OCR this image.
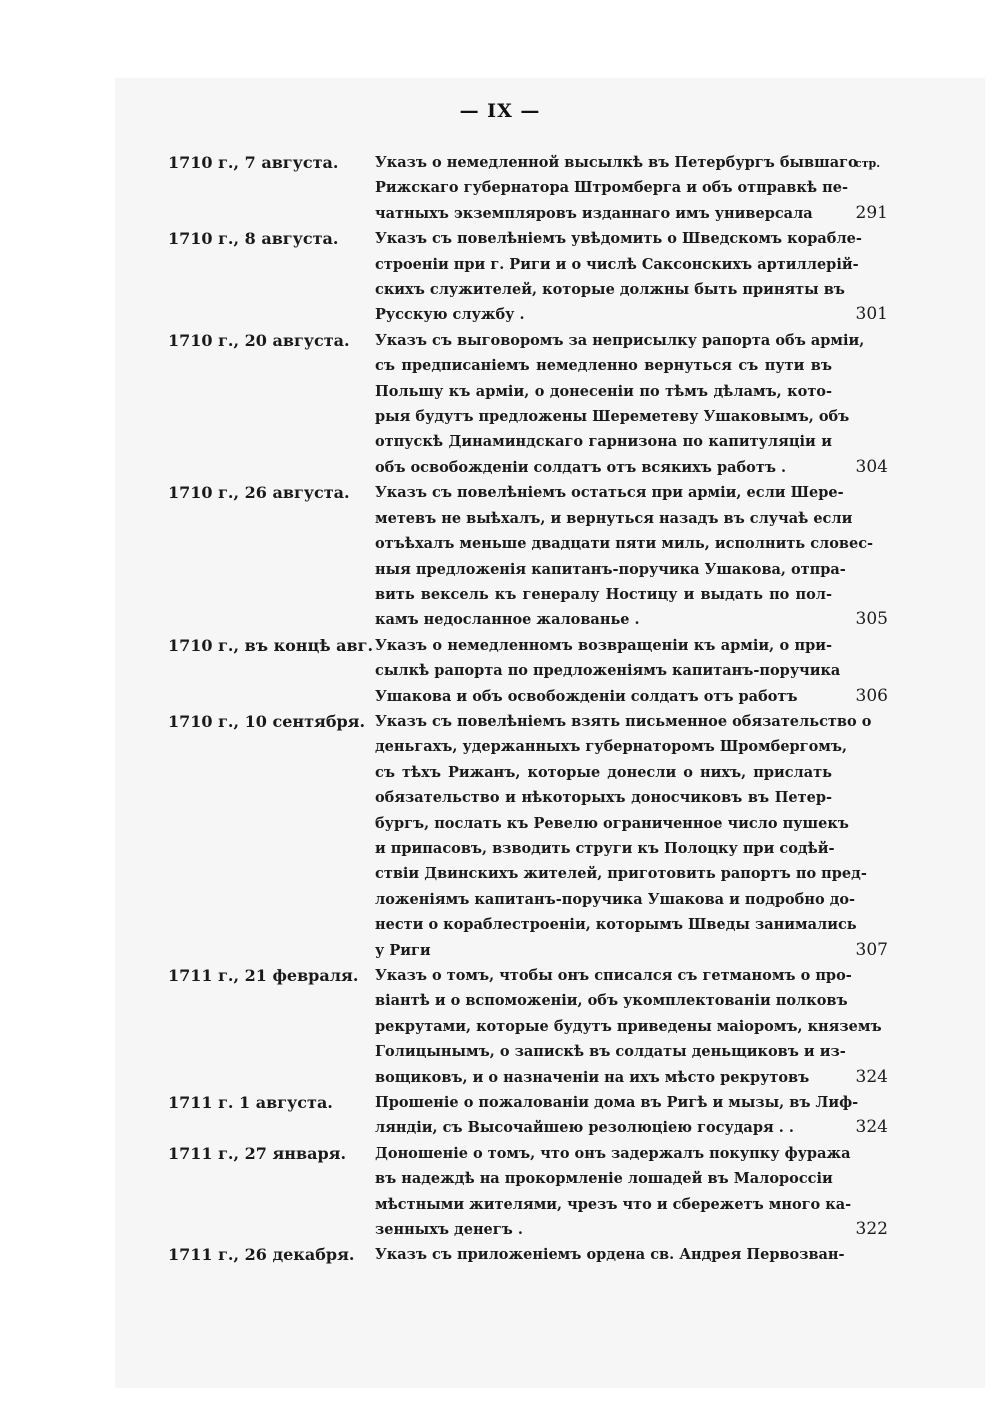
— IX —
стр.
1710 г., 7 августа.	Указъ о немедленной высылкѣ въ Петербургъ бывшаго
Рижскаго губернатора Штромберга и объ отправкѣ пе-
чатныхъ экземпляровъ изданнаго имъ универсала	291
1710 г., 8 августа.	Указъ съ повелѣніемъ увѣдомить о Шведскомъ корабле-
строеніи при г. Риги и о числѣ Саксонскихъ артиллерій-
скихъ служителей, которые должны быть приняты въ
Русскую службу .	301
1710 г., 20 августа.	Указъ съ выговоромъ за неприсылку рапорта объ арміи,
съ предписаніемъ немедленно вернуться съ пути въ
Польшу къ арміи, о донесеніи по тѣмъ дѣламъ, кото-
рыя будутъ предложены Шереметеву Ушаковымъ, объ
отпускѣ Динаминдскаго гарнизона по капитуляціи и
объ освобожденіи солдатъ отъ всякихъ работъ .	304
1710 г., 26 августа.	Указъ съ повелѣніемъ остаться при арміи, если Шере-
метевъ не выѣхалъ, и вернуться назадъ въ случаѣ если
отъѣхалъ меньше двадцати пяти миль, исполнить словес-
ныя предложенія капитанъ-поручика Ушакова, отпра-
вить вексель къ генералу Ностицу и выдать по пол-
камъ недосланное жалованье .	305
1710 г., въ концѣ авг. Указъ о немедленномъ возвращеніи къ арміи, о при-
сылкѣ рапорта по предложеніямъ капитанъ-поручика
Ушакова и объ освобожденіи солдатъ отъ работъ	306
1710 г., 10 сентября. Указъ съ повелѣніемъ взять письменное обязательство о
деньгахъ, удержанныхъ губернаторомъ Шромбергомъ,
съ тѣхъ Рижанъ, которые донесли о нихъ, прислать
обязательство и нѣкоторыхъ доносчиковъ въ Петер-
бургъ, послать къ Ревелю ограниченное число пушекъ
и припасовъ, взводить струги къ Полоцку при содѣй-
ствіи Двинскихъ жителей, приготовить рапортъ по пред-
ложеніямъ капитанъ-поручика Ушакова и подробно до-
нести о кораблестроеніи, которымъ Шведы занимались
у Риги	307
1711 г., 21 февраля.	Указъ о томъ, чтобы онъ списался съ гетманомъ о про-
віантѣ и о вспоможеніи, объ укомплектованіи полковъ
рекрутами, которые будутъ приведены маіоромъ, княземъ
Голицынымъ, о запискѣ въ солдаты деньщиковъ и из-
вощиковъ, и о назначеніи на ихъ мѣсто рекрутовъ	324
1711 г. 1 августа.	Прошеніе о пожалованіи дома въ Ригѣ и мызы, въ Лиф-
ляндіи, съ Высочайшею резолюціею государя . .	324
1711 г., 27 января.	Доношеніе о томъ, что онъ задержалъ покупку фуража
въ надеждѣ на прокормленіе лошадей въ Малороссіи
мѣстными жителями, чрезъ что и сбережетъ много ка-
зенныхъ денегъ .	322
1711 г., 26 декабря.	Указъ съ приложеніемъ ордена св. Андрея Первозван-
